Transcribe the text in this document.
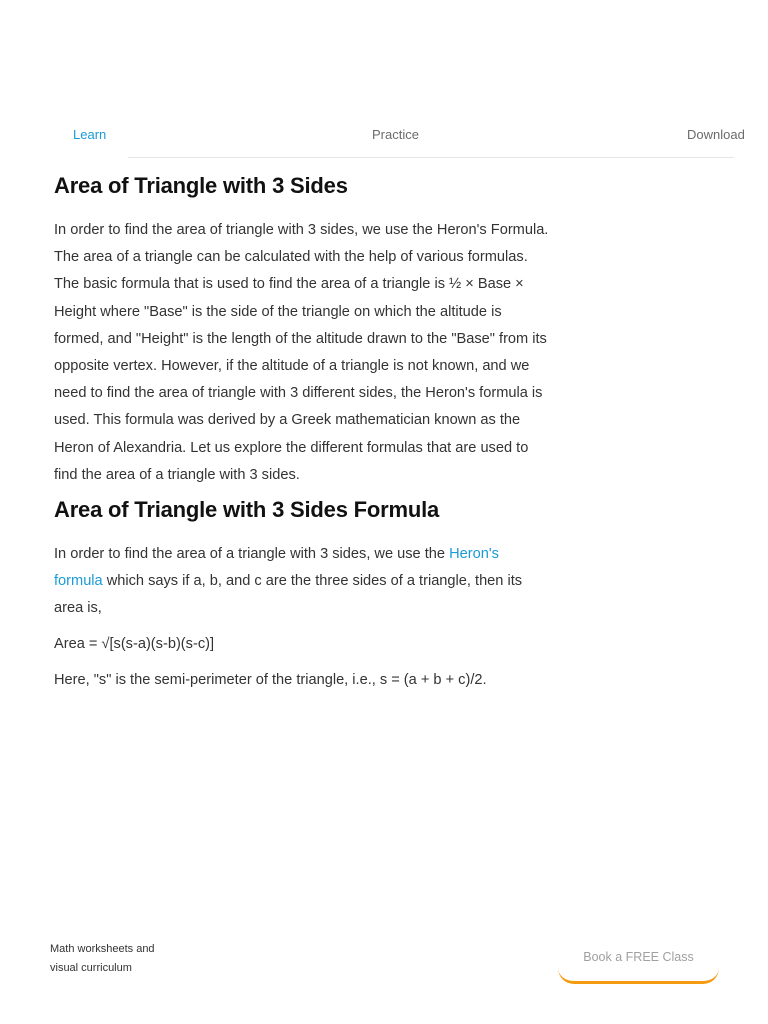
Learn	Practice	Download
Area of Triangle with 3 Sides

In order to find the area of triangle with 3 sides, we use the Heron's Formula. The area of a triangle can be calculated with the help of various formulas. The basic formula that is used to find the area of a triangle is ½ × Base × Height where "Base" is the side of the triangle on which the altitude is formed, and "Height" is the length of the altitude drawn to the "Base" from its opposite vertex. However, if the altitude of a triangle is not known, and we need to find the area of triangle with 3 different sides, the Heron's formula is used. This formula was derived by a Greek mathematician known as the Heron of Alexandria. Let us explore the different formulas that are used to find the area of a triangle with 3 sides.

Area of Triangle with 3 Sides Formula

In order to find the area of a triangle with 3 sides, we use the Heron's formula which says if a, b, and c are the three sides of a triangle, then its area is,

Area = √[s(s-a)(s-b)(s-c)]

Here, "s" is the semi-perimeter of the triangle, i.e., s = (a + b + c)/2.

Math worksheets and
visual curriculum
Book a FREE Class
